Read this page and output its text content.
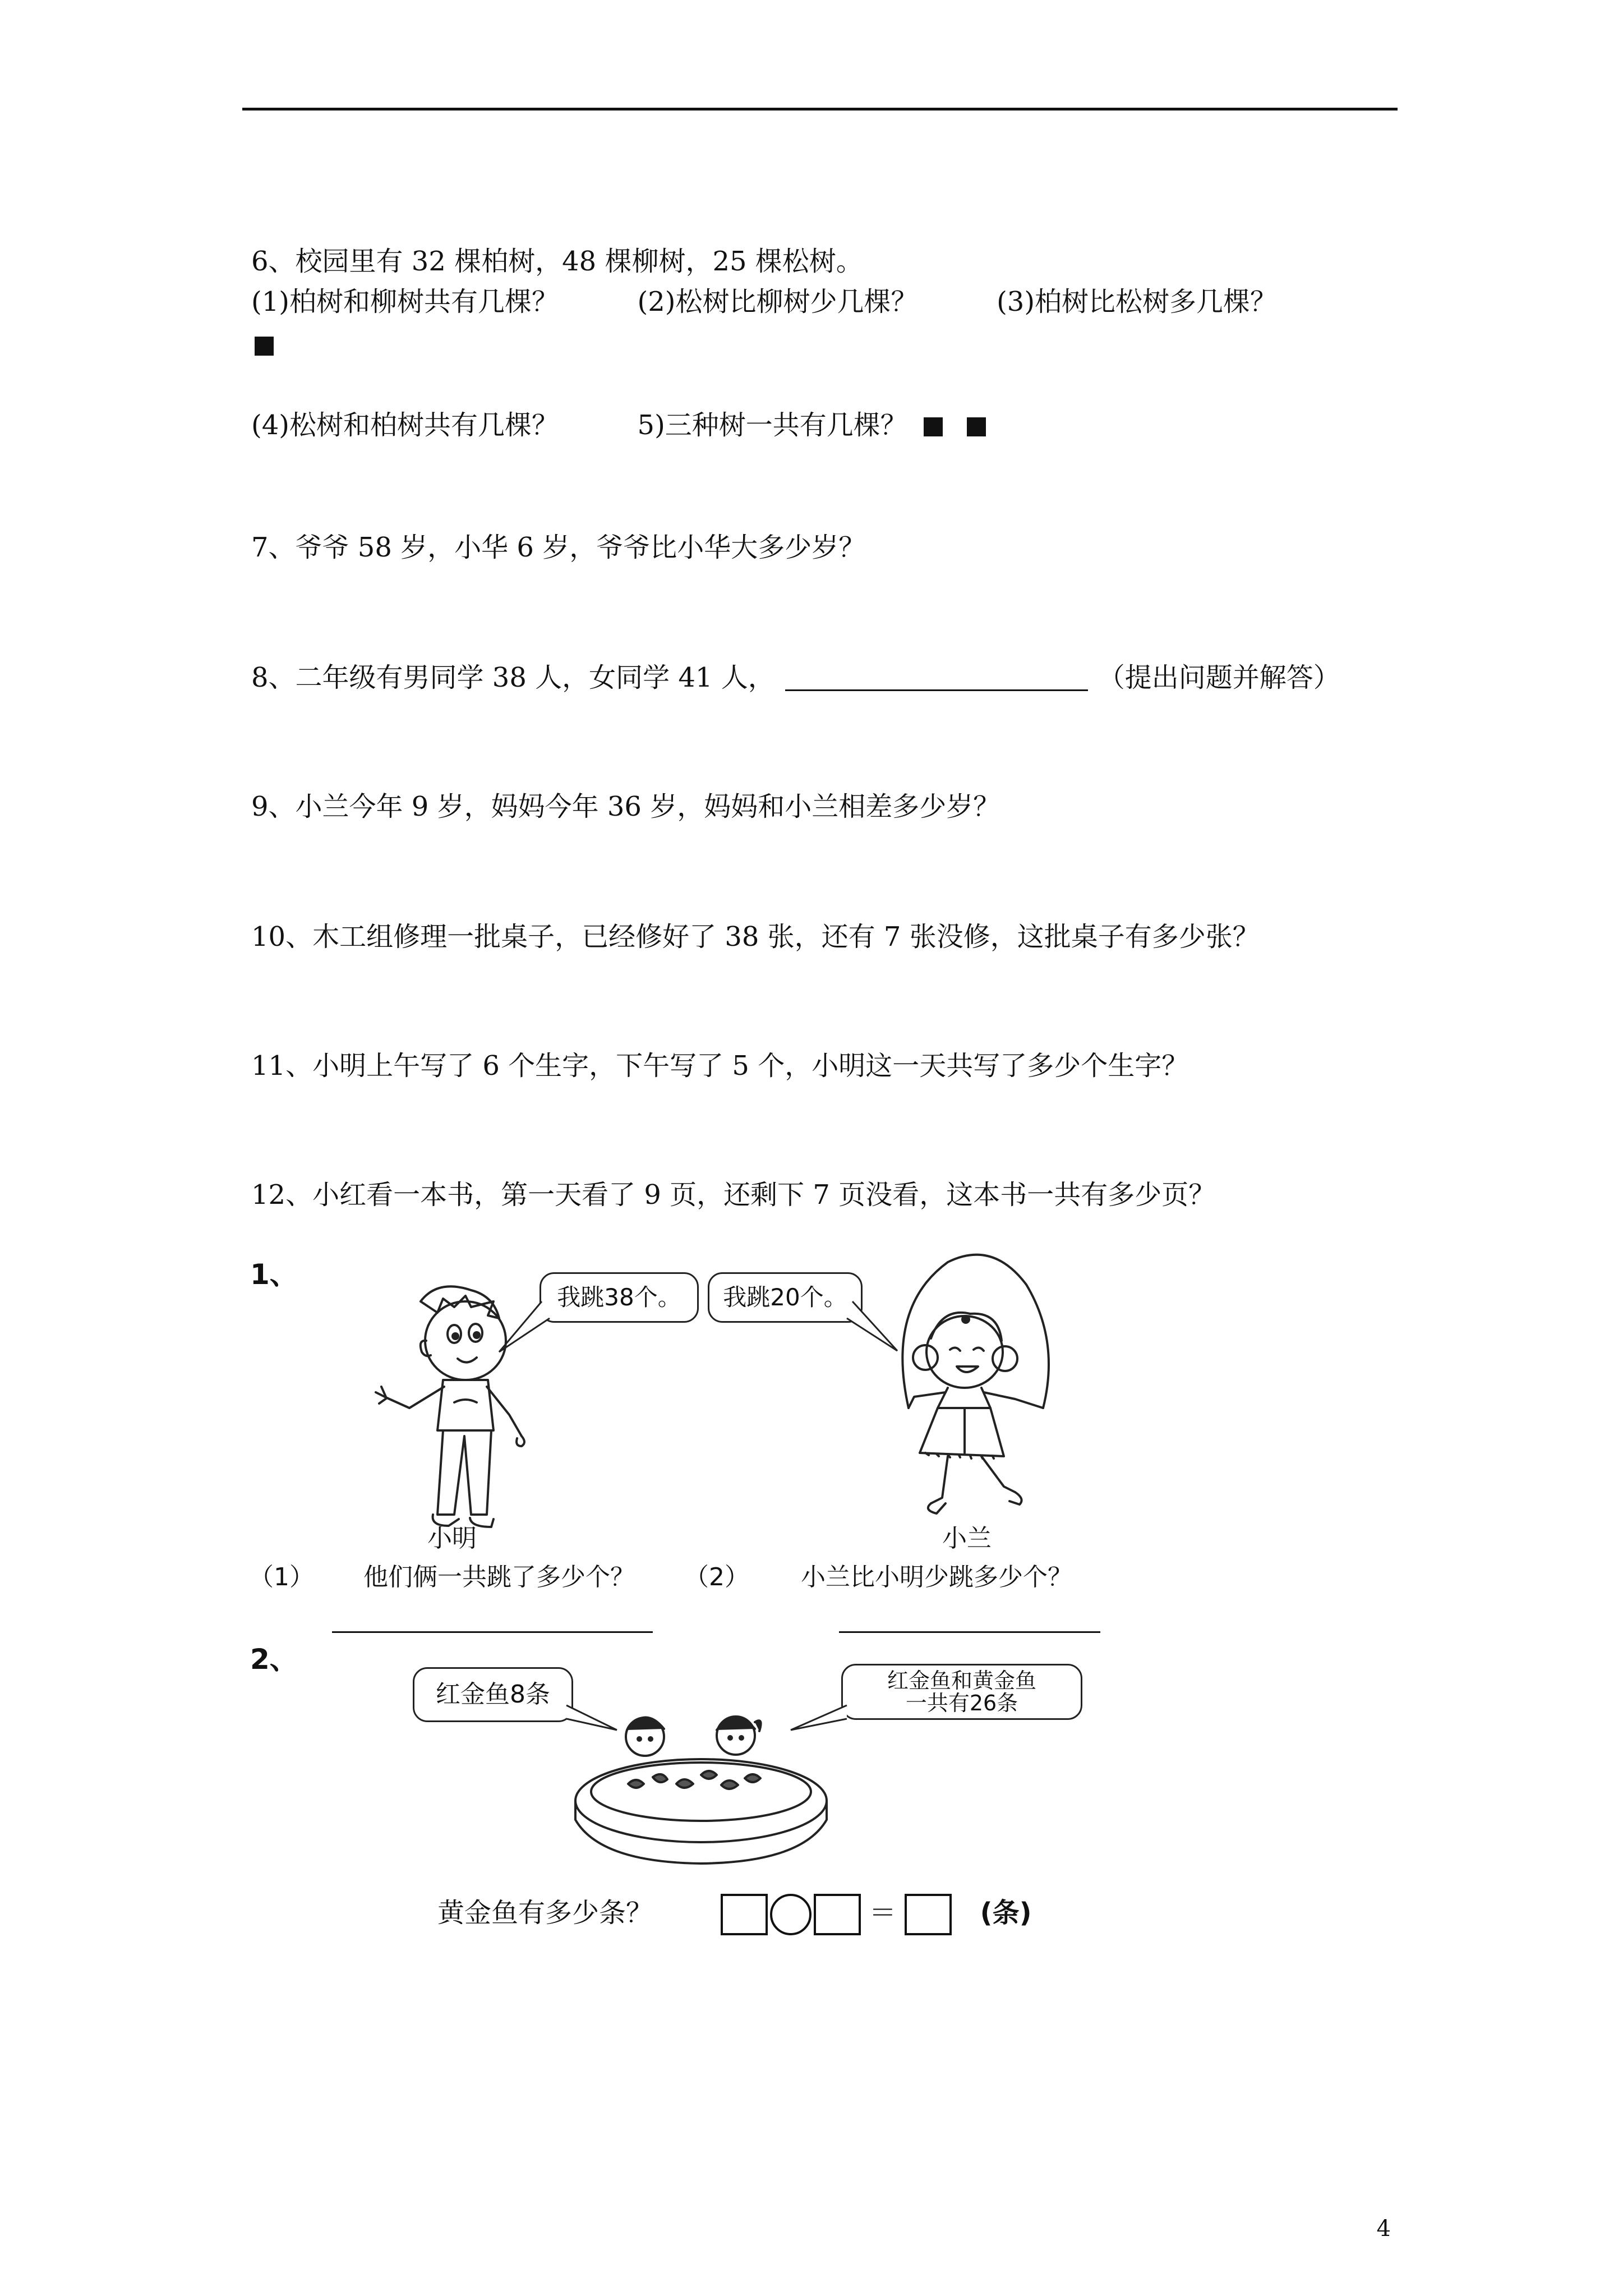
6、校园里有 32 棵柏树，48 棵柳树，25 棵松树。
(1)柏树和柳树共有几棵？	(2)松树比柳树少几棵？	(3)柏树比松树多几棵？
(4)松树和柏树共有几棵？	5)三种树一共有几棵？
7、爷爷 58 岁，小华 6 岁，爷爷比小华大多少岁？
8、二年级有男同学 38 人，女同学 41 人，	（提出问题并解答）
9、小兰今年 9 岁，妈妈今年 36 岁，妈妈和小兰相差多少岁？
10、木工组修理一批桌子，已经修好了 38 张，还有 7 张没修，这批桌子有多少张？
11、小明上午写了 6 个生字，下午写了 5 个，小明这一天共写了多少个生字？
12、小红看一本书，第一天看了 9 页，还剩下 7 页没看，这本书一共有多少页？
1、
我跳38个。	我跳20个。
小明	小兰
（1） 他们俩一共跳了多少个？ （2） 小兰比小明少跳多少个？
2、
红金鱼8条	红金鱼和黄金鱼一共有26条
黄金鱼有多少条？	＝	(条)
4
